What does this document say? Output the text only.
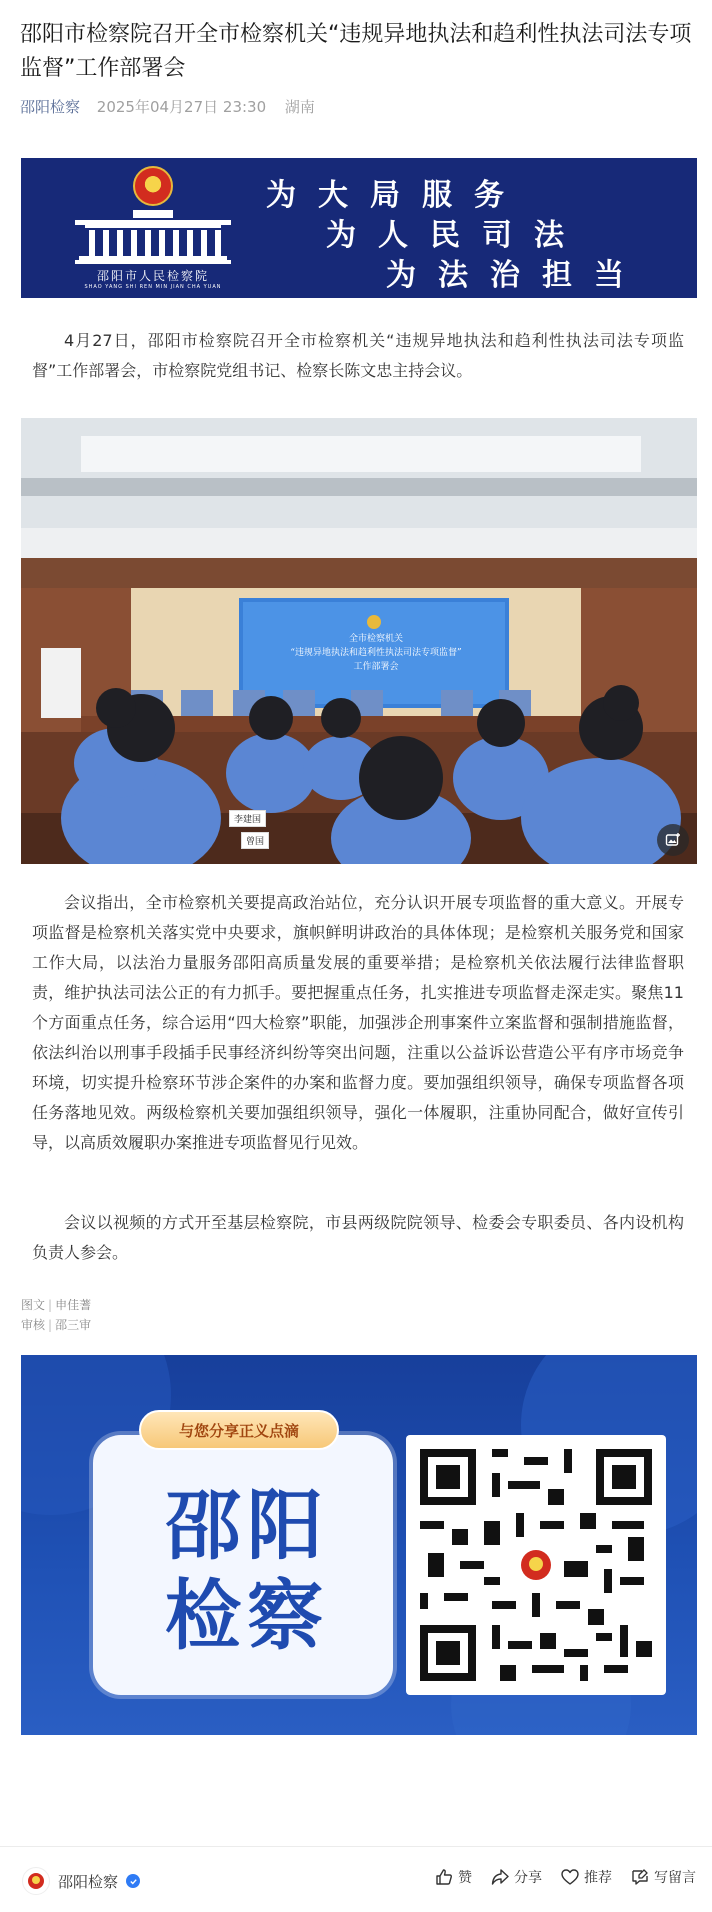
邵阳市检察院召开全市检察机关“违规异地执法和趋利性执法司法专项监督”工作部署会
邵阳检察 2025年04月27日 23:30 湖南
邵阳市人民检察院
SHAO YANG SHI REN MIN JIAN CHA YUAN
为大局服务
为人民司法
为法治担当

4月27日，邵阳市检察院召开全市检察机关“违规异地执法和趋利性执法司法专项监督”工作部署会，市检察院党组书记、检察长陈文忠主持会议。

全市检察机关
“违规异地执法和趋利性执法司法专项监督”
工作部署会
李建国
曾国

会议指出，全市检察机关要提高政治站位，充分认识开展专项监督的重大意义。开展专项监督是检察机关落实党中央要求，旗帜鲜明讲政治的具体体现；是检察机关服务党和国家工作大局，以法治力量服务邵阳高质量发展的重要举措；是检察机关依法履行法律监督职责，维护执法司法公正的有力抓手。要把握重点任务，扎实推进专项监督走深走实。聚焦11个方面重点任务，综合运用“四大检察”职能，加强涉企刑事案件立案监督和强制措施监督，依法纠治以刑事手段插手民事经济纠纷等突出问题，注重以公益诉讼营造公平有序市场竞争环境，切实提升检察环节涉企案件的办案和监督力度。要加强组织领导，确保专项监督各项任务落地见效。两级检察机关要加强组织领导，强化一体履职，注重协同配合，做好宣传引导，以高质效履职办案推进专项监督见行见效。

会议以视频的方式开至基层检察院，市县两级院院领导、检委会专职委员、各内设机构负责人参会。

图文 | 申佳蓍
审核 | 邵三审
与您分享正义点滴
邵阳
检察
邵阳检察	赞	分享	推荐	写留言
